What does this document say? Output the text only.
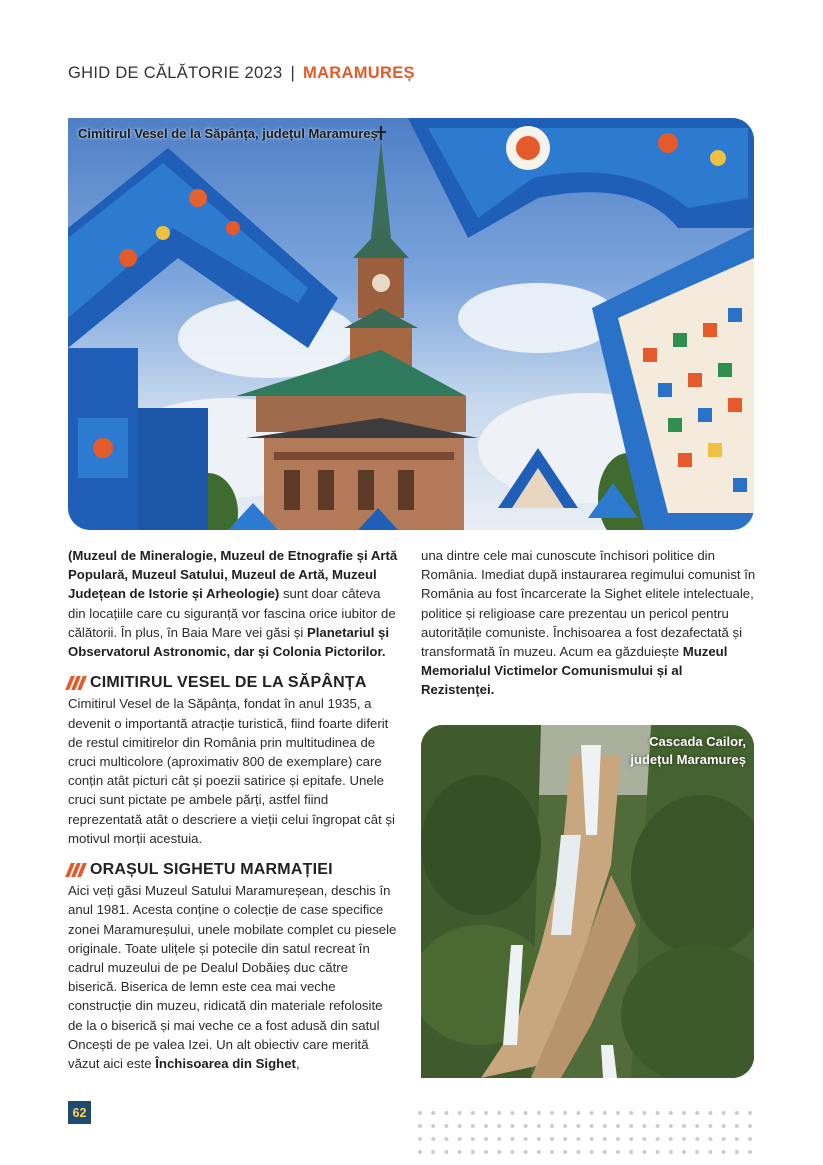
GHID DE CĂLĂTORIE 2023 | MARAMUREȘ
Cimitirul Vesel de la Săpânța, județul Maramureș

(Muzeul de Mineralogie, Muzeul de Etnografie și Artă Populară, Muzeul Satului, Muzeul de Artă, Muzeul Județean de Istorie și Arheologie) sunt doar câteva din locațiile care cu siguranță vor fascina orice iubitor de călătorii. În plus, în Baia Mare vei găsi și Planetariul și Observatorul Astronomic, dar și Colonia Pictorilor.

CIMITIRUL VESEL DE LA SĂPÂNȚA

Cimitirul Vesel de la Săpânța, fondat în anul 1935, a devenit o importantă atracție turistică, fiind foarte diferit de restul cimitirelor din România prin multitudinea de cruci multicolore (aproximativ 800 de exemplare) care conțin atât picturi cât și poezii satirice și epitafe. Unele cruci sunt pictate pe ambele părți, astfel fiind reprezentată atât o descriere a vieții celui îngropat cât și motivul morții acestuia.

ORAȘUL SIGHETU MARMAȚIEI

Aici veți găsi Muzeul Satului Maramureșean, deschis în anul 1981. Acesta conține o colecție de case specifice zonei Maramureșului, unele mobilate complet cu piesele originale. Toate ulițele și potecile din satul recreat în cadrul muzeului de pe Dealul Dobăieș duc către biserică. Biserica de lemn este cea mai veche construcție din muzeu, ridicată din materiale refolosite de la o biserică și mai veche ce a fost adusă din satul Oncești de pe valea Izei. Un alt obiectiv care merită văzut aici este Închisoarea din Sighet,

una dintre cele mai cunoscute închisori politice din România. Imediat după instaurarea regimului comunist în România au fost încarcerate la Sighet elitele intelectuale, politice și religioase care prezentau un pericol pentru autoritățile comuniste. Închisoarea a fost dezafectată și transformată în muzeu. Acum ea găzduiește Muzeul Memorialul Victimelor Comunismului și al Rezistenței.

Cascada Cailor,
județul Maramureș
62
